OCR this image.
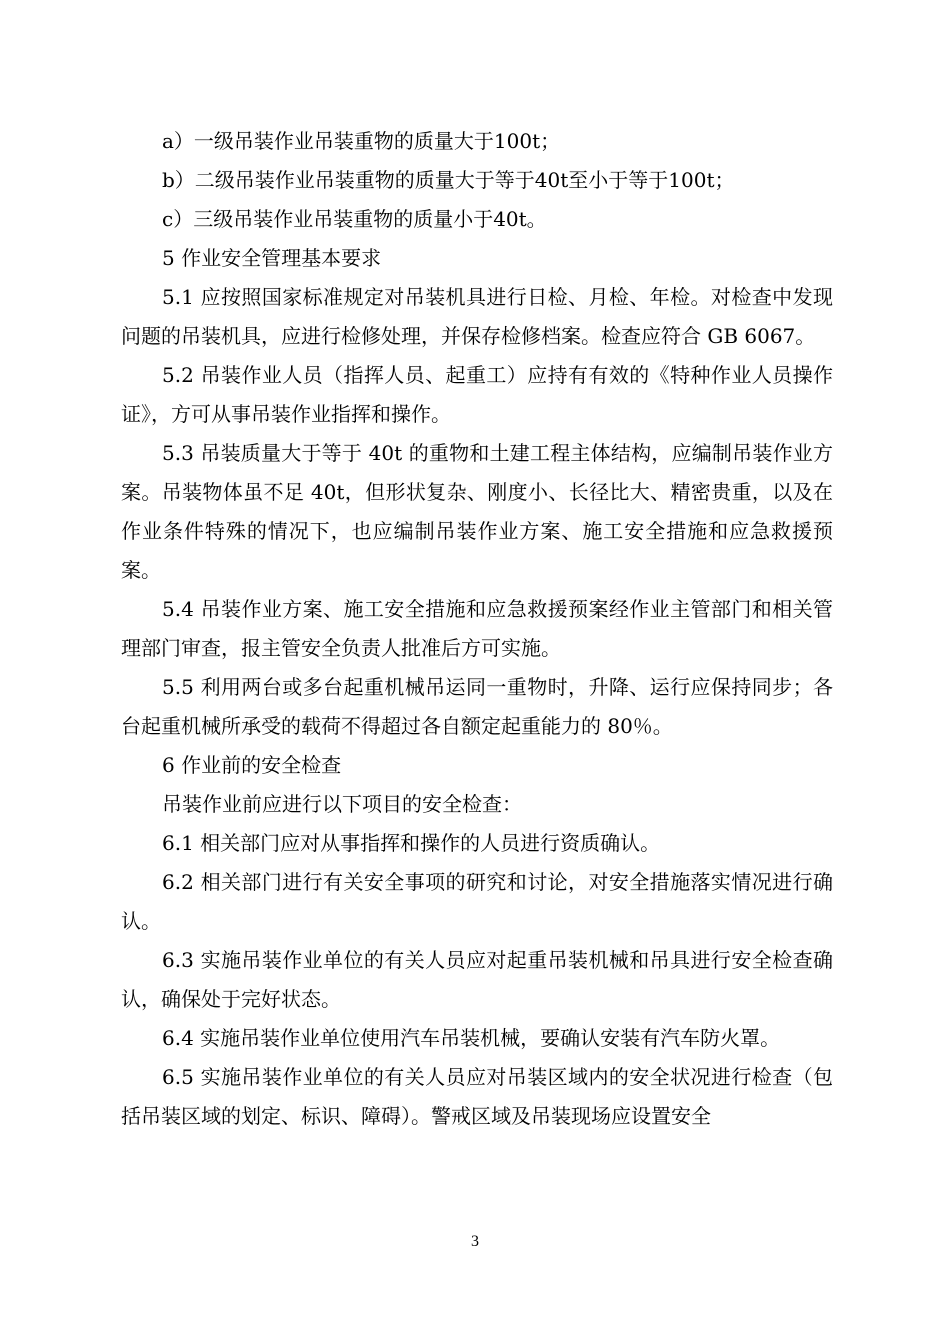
a）一级吊装作业吊装重物的质量大于100t；

b）二级吊装作业吊装重物的质量大于等于40t至小于等于100t；

c）三级吊装作业吊装重物的质量小于40t。

5 作业安全管理基本要求

5.1 应按照国家标准规定对吊装机具进行日检、月检、年检。对检查中发现问题的吊装机具，应进行检修处理，并保存检修档案。检查应符合 GB 6067。

5.2 吊装作业人员（指挥人员、起重工）应持有有效的《特种作业人员操作证》，方可从事吊装作业指挥和操作。

5.3 吊装质量大于等于 40t 的重物和土建工程主体结构，应编制吊装作业方案。吊装物体虽不足 40t，但形状复杂、刚度小、长径比大、精密贵重，以及在作业条件特殊的情况下，也应编制吊装作业方案、施工安全措施和应急救援预案。

5.4 吊装作业方案、施工安全措施和应急救援预案经作业主管部门和相关管理部门审查，报主管安全负责人批准后方可实施。

5.5 利用两台或多台起重机械吊运同一重物时，升降、运行应保持同步；各台起重机械所承受的载荷不得超过各自额定起重能力的 80％。

6 作业前的安全检查

吊装作业前应进行以下项目的安全检查：

6.1 相关部门应对从事指挥和操作的人员进行资质确认。

6.2 相关部门进行有关安全事项的研究和讨论，对安全措施落实情况进行确认。

6.3 实施吊装作业单位的有关人员应对起重吊装机械和吊具进行安全检查确认，确保处于完好状态。

6.4 实施吊装作业单位使用汽车吊装机械，要确认安装有汽车防火罩。

6.5 实施吊装作业单位的有关人员应对吊装区域内的安全状况进行检查（包括吊装区域的划定、标识、障碍）。警戒区域及吊装现场应设置安全

3
